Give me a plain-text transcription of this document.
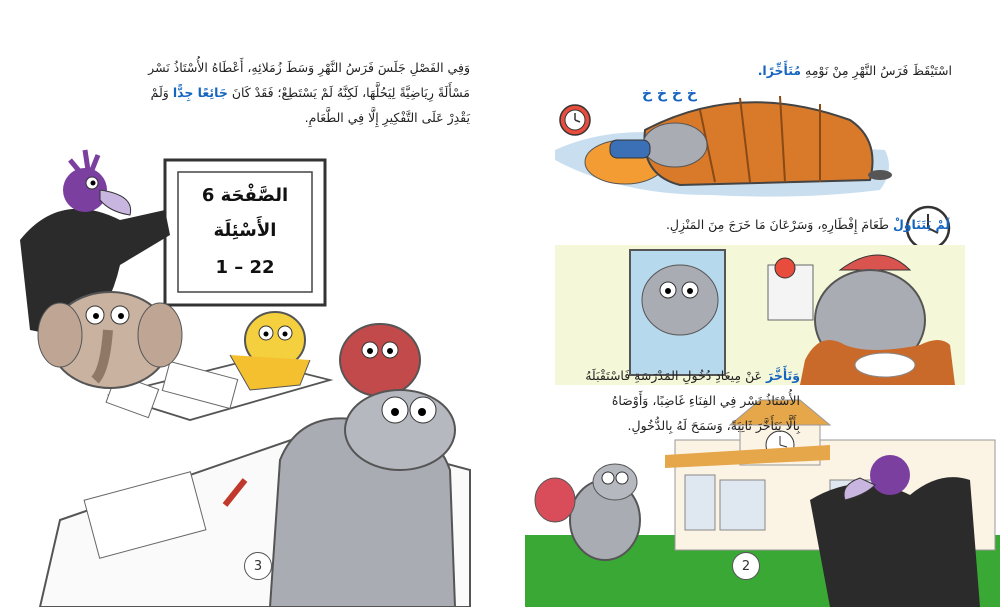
وَفِي الفَصْلِ جَلَسَ فَرَسُ النَّهْرِ وَسَطَ زُمَلائِهِ، أَعْطَاهُ الأُسْتَاذُ نَسْر
مَسْأَلَةً رِيَاضِيَّةً لِيَحُلَّهَا، لَكِنَّهُ لَمْ يَسْتَطِعْ؛ فَقَدْ كَانَ جَائِعًا جِدًّا وَلَمْ
يَقْدِرْ عَلَى التَّفْكِيرِ إِلَّا فِي الطَّعَامِ.
الصَّفْحَة 6
الأَسْئِلَة
1 – 22
3
اسْتَيْقَظَ فَرَسُ النَّهْرِ مِنْ نَوْمِهِ مُتَأَخِّرًا.
خ خ خ خ
لَمْ يَتَنَاوَلْ طَعَامَ إِفْطَارِهِ، وَسَرْعَانَ مَا خَرَجَ مِنَ المَنْزِلِ.
وَتَأَخَّرَ عَنْ مِيعَادِ دُخُولِ المَدْرَسَةِ فَاسْتَقْبَلَهُ
الأُسْتَاذُ نَسْر فِي الفِنَاءِ غَاضِبًا، وَأَوْصَاهُ
بِأَلَّا يَتَأَخَّرَ ثَانِيَةً، وَسَمَحَ لَهُ بِالدُّخُولِ.
2
